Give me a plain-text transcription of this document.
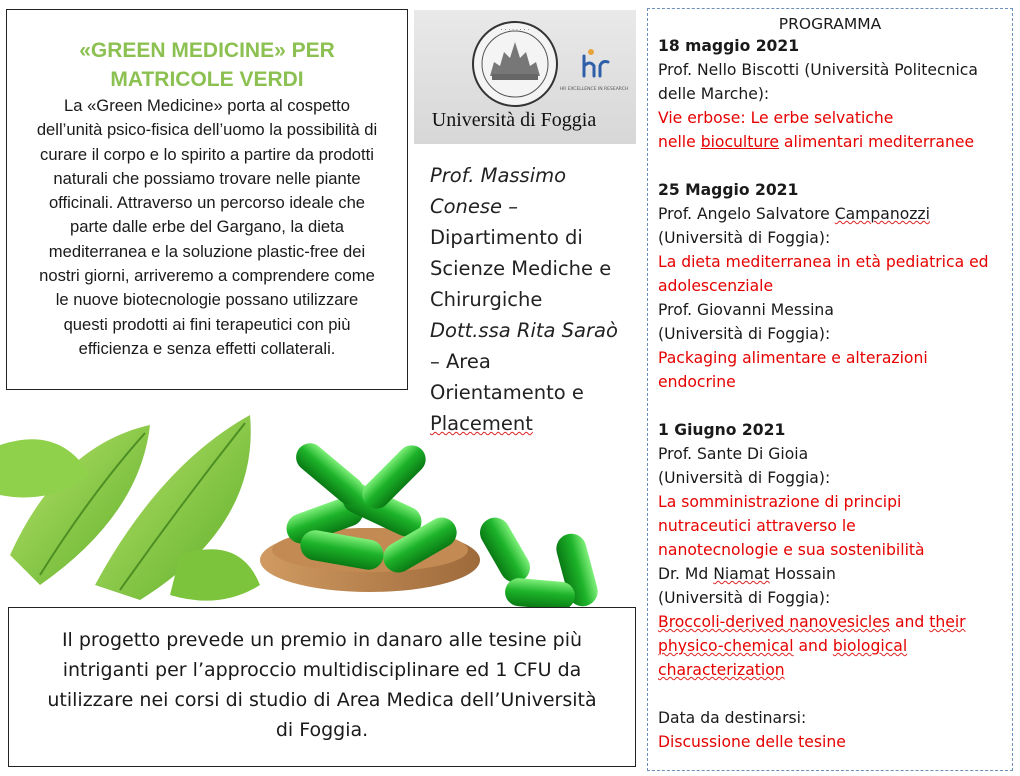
«GREEN MEDICINE» PER
MATRICOLE VERDI
La «Green Medicine» porta al cospetto
dell’unità psico-fisica dell’uomo la possibilità di
curare il corpo e lo spirito a partire da prodotti
naturali che possiamo trovare nelle piante
officinali. Attraverso un percorso ideale che
parte dalle erbe del Gargano, la dieta
mediterranea e la soluzione plastic-free dei
nostri giorni, arriveremo a comprendere come
le nuove biotecnologie possano utilizzare
questi prodotti ai fini terapeutici con più
efficienza e senza effetti collaterali.
· · · · · · · ·
HR EXCELLENCE IN RESEARCH
Università di Foggia
Prof. Massimo
Conese –
Dipartimento di
Scienze Mediche e
Chirurgiche
Dott.ssa Rita Saraò
– Area
Orientamento e
Placement
Il progetto prevede un premio in danaro alle tesine più
intriganti per l’approccio multidisciplinare ed 1 CFU da
utilizzare nei corsi di studio di Area Medica dell’Università
di Foggia.
PROGRAMMA
18 maggio 2021
Prof. Nello Biscotti (Università Politecnica
delle Marche):
Vie erbose: Le erbe selvatiche
nelle bioculture alimentari mediterranee
25 Maggio 2021
Prof. Angelo Salvatore Campanozzi
(Università di Foggia):
La dieta mediterranea in età pediatrica ed
adolescenziale
Prof. Giovanni Messina
(Università di Foggia):
Packaging alimentare e alterazioni
endocrine
1 Giugno 2021
Prof. Sante Di Gioia
(Università di Foggia):
La somministrazione di principi
nutraceutici attraverso le
nanotecnologie e sua sostenibilità
Dr. Md Niamat Hossain
(Università di Foggia):
Broccoli-derived nanovesicles and their
physico-chemical and biological
characterization
Data da destinarsi:
Discussione delle tesine
